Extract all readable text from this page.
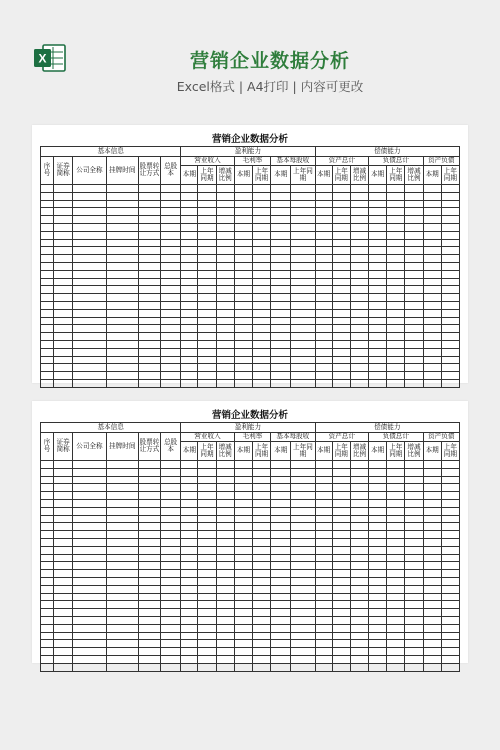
X	营销企业数据分析
Excel格式 | A4打印 | 内容可更改
营销企业数据分析
基本信息						盈利能力							偿债能力							
序号	证券简称	公司全称	挂牌时间	股票转让方式	总股本	营业收入			毛利率		基本每股收		资产总计			负债总计			资产负债	
						本期	上年同期	增减比例	本期	上年同期	本期	上年同期	本期	上年同期	增减比例	本期	上年同期	增减比例	本期	上年同期

营销企业数据分析
基本信息						盈利能力							偿债能力							
序号	证券简称	公司全称	挂牌时间	股票转让方式	总股本	营业收入			毛利率		基本每股收		资产总计			负债总计			资产负债	
						本期	上年同期	增减比例	本期	上年同期	本期	上年同期	本期	上年同期	增减比例	本期	上年同期	增减比例	本期	上年同期
